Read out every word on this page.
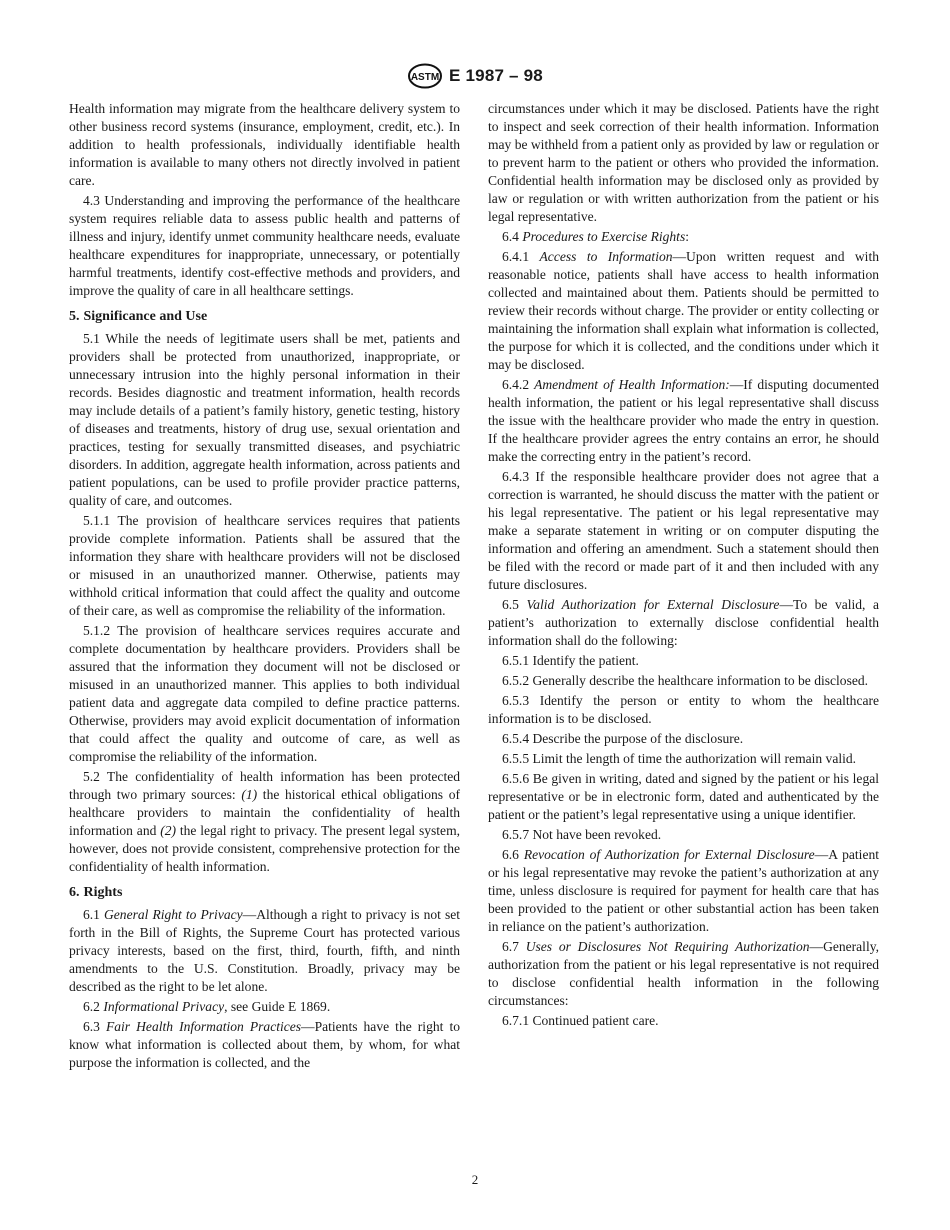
ASTM E 1987 – 98

Health information may migrate from the healthcare delivery system to other business record systems (insurance, employment, credit, etc.). In addition to health professionals, individually identifiable health information is available to many others not directly involved in patient care.

4.3 Understanding and improving the performance of the healthcare system requires reliable data to assess public health and patterns of illness and injury, identify unmet community healthcare needs, evaluate healthcare expenditures for inappropriate, unnecessary, or potentially harmful treatments, identify cost-effective methods and providers, and improve the quality of care in all healthcare settings.

5. Significance and Use

5.1 While the needs of legitimate users shall be met, patients and providers shall be protected from unauthorized, inappropriate, or unnecessary intrusion into the highly personal information in their records. Besides diagnostic and treatment information, health records may include details of a patient’s family history, genetic testing, history of diseases and treatments, history of drug use, sexual orientation and practices, testing for sexually transmitted diseases, and psychiatric disorders. In addition, aggregate health information, across patients and patient populations, can be used to profile provider practice patterns, quality of care, and outcomes.

5.1.1 The provision of healthcare services requires that patients provide complete information. Patients shall be assured that the information they share with healthcare providers will not be disclosed or misused in an unauthorized manner. Otherwise, patients may withhold critical information that could affect the quality and outcome of their care, as well as compromise the reliability of the information.

5.1.2 The provision of healthcare services requires accurate and complete documentation by healthcare providers. Providers shall be assured that the information they document will not be disclosed or misused in an unauthorized manner. This applies to both individual patient data and aggregate data compiled to define practice patterns. Otherwise, providers may avoid explicit documentation of information that could affect the quality and outcome of care, as well as compromise the reliability of the information.

5.2 The confidentiality of health information has been protected through two primary sources: (1) the historical ethical obligations of healthcare providers to maintain the confidentiality of health information and (2) the legal right to privacy. The present legal system, however, does not provide consistent, comprehensive protection for the confidentiality of health information.

6. Rights

6.1 General Right to Privacy—Although a right to privacy is not set forth in the Bill of Rights, the Supreme Court has protected various privacy interests, based on the first, third, fourth, fifth, and ninth amendments to the U.S. Constitution. Broadly, privacy may be described as the right to be let alone.

6.2 Informational Privacy, see Guide E 1869.

6.3 Fair Health Information Practices—Patients have the right to know what information is collected about them, by whom, for what purpose the information is collected, and the

circumstances under which it may be disclosed. Patients have the right to inspect and seek correction of their health information. Information may be withheld from a patient only as provided by law or regulation or to prevent harm to the patient or others who provided the information. Confidential health information may be disclosed only as provided by law or regulation or with written authorization from the patient or his legal representative.

6.4 Procedures to Exercise Rights:

6.4.1 Access to Information—Upon written request and with reasonable notice, patients shall have access to health information collected and maintained about them. Patients should be permitted to review their records without charge. The provider or entity collecting or maintaining the information shall explain what information is collected, the purpose for which it is collected, and the conditions under which it may be disclosed.

6.4.2 Amendment of Health Information:—If disputing documented health information, the patient or his legal representative shall discuss the issue with the healthcare provider who made the entry in question. If the healthcare provider agrees the entry contains an error, he should make the correcting entry in the patient’s record.

6.4.3 If the responsible healthcare provider does not agree that a correction is warranted, he should discuss the matter with the patient or his legal representative. The patient or his legal representative may make a separate statement in writing or on computer disputing the information and offering an amendment. Such a statement should then be filed with the record or made part of it and then included with any future disclosures.

6.5 Valid Authorization for External Disclosure—To be valid, a patient’s authorization to externally disclose confidential health information shall do the following:

6.5.1 Identify the patient.

6.5.2 Generally describe the healthcare information to be disclosed.

6.5.3 Identify the person or entity to whom the healthcare information is to be disclosed.

6.5.4 Describe the purpose of the disclosure.

6.5.5 Limit the length of time the authorization will remain valid.

6.5.6 Be given in writing, dated and signed by the patient or his legal representative or be in electronic form, dated and authenticated by the patient or the patient’s legal representative using a unique identifier.

6.5.7 Not have been revoked.

6.6 Revocation of Authorization for External Disclosure—A patient or his legal representative may revoke the patient’s authorization at any time, unless disclosure is required for payment for health care that has been provided to the patient or other substantial action has been taken in reliance on the patient’s authorization.

6.7 Uses or Disclosures Not Requiring Authorization—Generally, authorization from the patient or his legal representative is not required to disclose confidential health information in the following circumstances:

6.7.1 Continued patient care.

2
